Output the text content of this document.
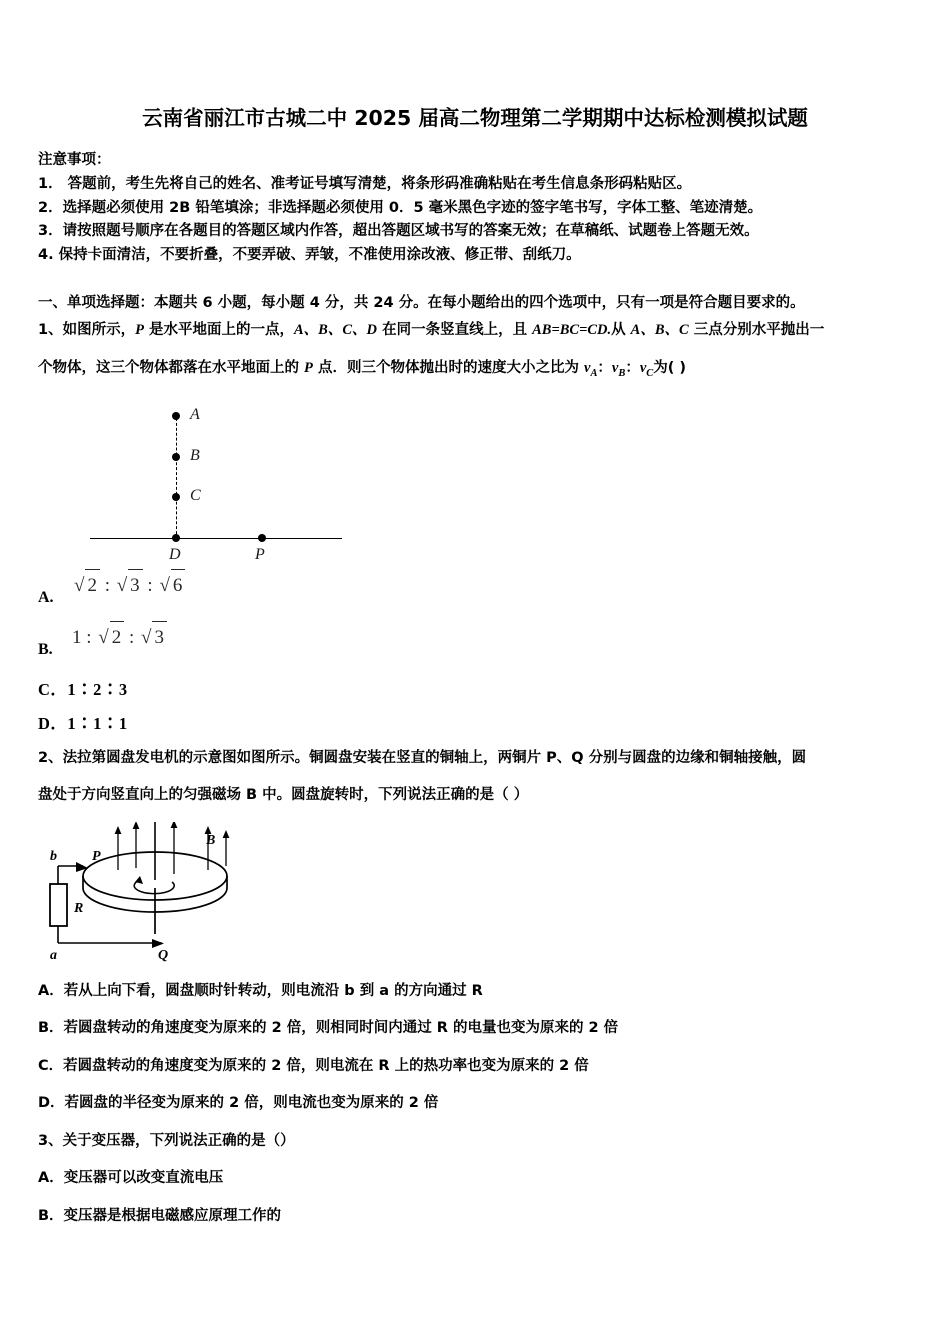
云南省丽江市古城二中 2025 届高二物理第二学期期中达标检测模拟试题
注意事项：
1． 答题前，考生先将自己的姓名、准考证号填写清楚，将条形码准确粘贴在考生信息条形码粘贴区。
2．选择题必须使用 2B 铅笔填涂；非选择题必须使用 0．5 毫米黑色字迹的签字笔书写，字体工整、笔迹清楚。
3．请按照题号顺序在各题目的答题区域内作答，超出答题区域书写的答案无效；在草稿纸、试题卷上答题无效。
4. 保持卡面清洁，不要折叠，不要弄破、弄皱，不准使用涂改液、修正带、刮纸刀。
一、单项选择题：本题共 6 小题，每小题 4 分，共 24 分。在每小题给出的四个选项中，只有一项是符合题目要求的。
1、如图所示，P 是水平地面上的一点，A、B、C、D 在同一条竖直线上，且 AB=BC=CD.从 A、B、C 三点分别水平抛出一
个物体，这三个物体都落在水平地面上的 P 点．则三个物体抛出时的速度大小之比为 $v_A$：$v_B$：$v_C$为( )
A
B
C
D	P
A.
√ 2 : √ 3 : √ 6
B.
1 : √ 2 : √ 3
C．1∶2∶3
D．1∶1∶1
2、法拉第圆盘发电机的示意图如图所示。铜圆盘安装在竖直的铜轴上，两铜片 P、Q 分别与圆盘的边缘和铜轴接触，圆
盘处于方向竖直向上的匀强磁场 B 中。圆盘旋转时，下列说法正确的是（ ）
B
P
Q
R
a
b
A．若从上向下看，圆盘顺时针转动，则电流沿 b 到 a 的方向通过 R
B．若圆盘转动的角速度变为原来的 2 倍，则相同时间内通过 R 的电量也变为原来的 2 倍
C．若圆盘转动的角速度变为原来的 2 倍，则电流在 R 上的热功率也变为原来的 2 倍
D．若圆盘的半径变为原来的 2 倍，则电流也变为原来的 2 倍
3、关于变压器，下列说法正确的是（）
A．变压器可以改变直流电压
B．变压器是根据电磁感应原理工作的
